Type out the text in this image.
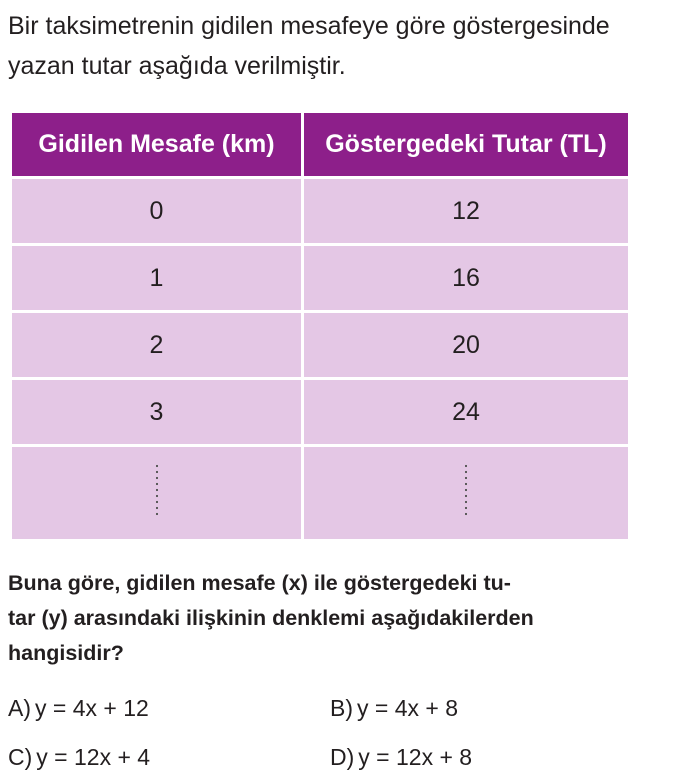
Bir taksimetrenin gidilen mesafeye göre göstergesinde
yazan tutar aşağıda verilmiştir.

Gidilen Mesafe (km)	Göstergedeki Tutar (TL)
0	12
1	16
2	20
3	24

Buna göre, gidilen mesafe (x) ile göstergedeki tu-
tar (y) arasındaki ilişkinin denklemi aşağıdakilerden
hangisidir?

A) y = 4x + 12	B) y = 4x + 8
C) y = 12x + 4	D) y = 12x + 8
